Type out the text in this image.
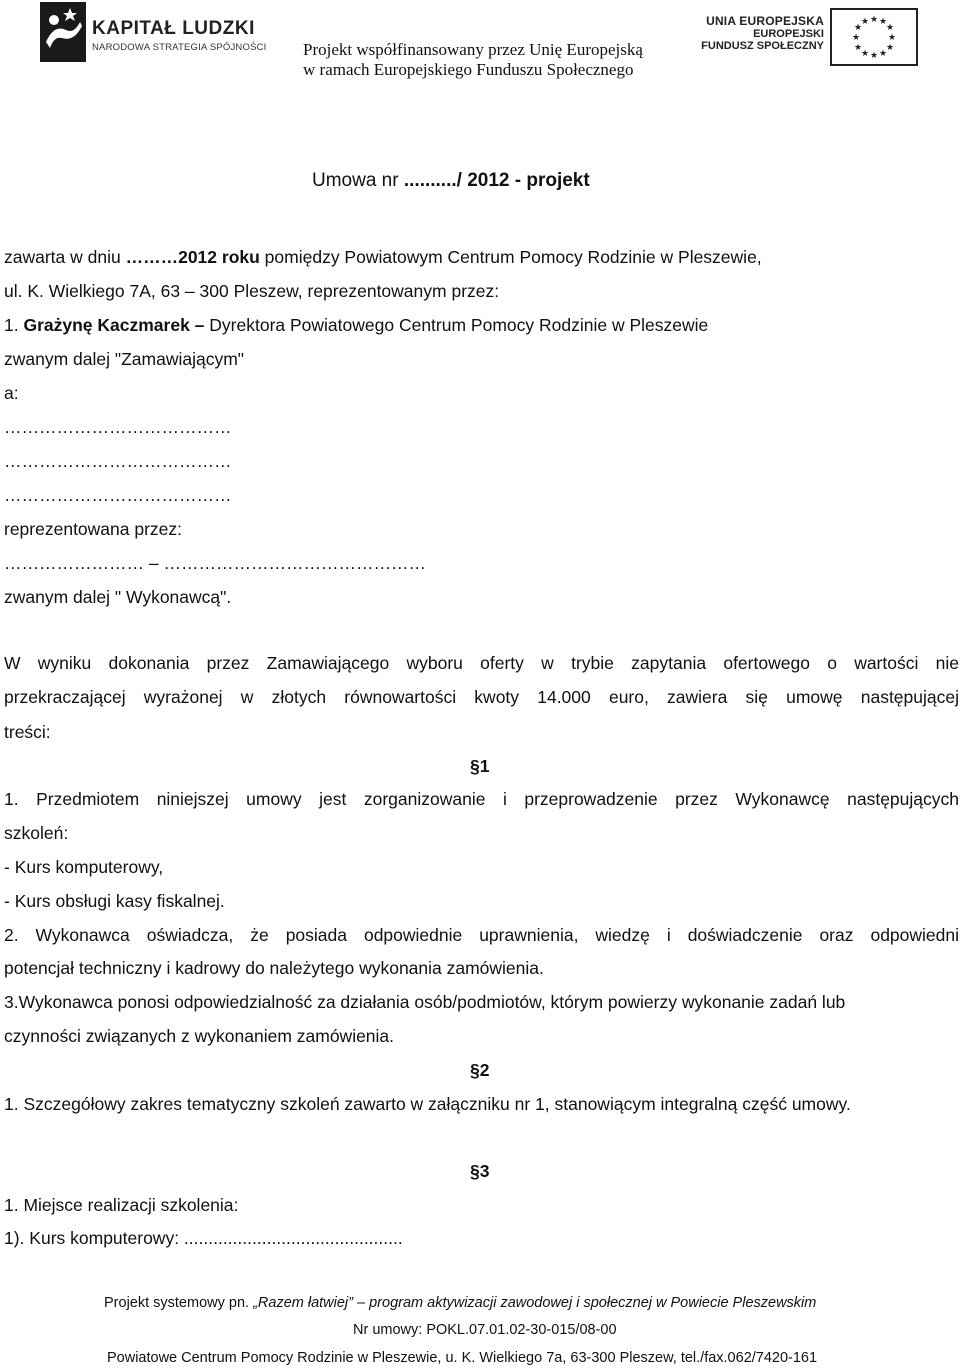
KAPITAŁ LUDZKI
NARODOWA STRATEGIA SPÓJNOŚCI
UNIA EUROPEJSKA
EUROPEJSKI
FUNDUSZ SPOŁECZNY
★ ★
★
★
★
★
★
★
★
★
★
★
Projekt współfinansowany przez Unię Europejską
w ramach Europejskiego Funduszu Społecznego
Umowa nr ........../ 2012 - projekt
zawarta w dniu ………2012 roku pomiędzy Powiatowym Centrum Pomocy Rodzinie w Pleszewie,
ul. K. Wielkiego 7A, 63 – 300 Pleszew, reprezentowanym przez:
1. Grażynę Kaczmarek – Dyrektora Powiatowego Centrum Pomocy Rodzinie w Pleszewie
zwanym dalej "Zamawiającym"
a:
…………………………………
…………………………………
…………………………………
reprezentowana przez:
…………………… – ………………………………………
zwanym dalej " Wykonawcą".
W wyniku dokonania przez Zamawiającego wyboru oferty w trybie zapytania ofertowego o wartości nie
przekraczającej wyrażonej w złotych równowartości kwoty 14.000 euro, zawiera się umowę następującej
treści:
§1
1. Przedmiotem niniejszej umowy jest zorganizowanie i przeprowadzenie przez Wykonawcę następujących
szkoleń:
- Kurs komputerowy,
- Kurs obsługi kasy fiskalnej.
2. Wykonawca oświadcza, że posiada odpowiednie uprawnienia, wiedzę i doświadczenie oraz odpowiedni
potencjał techniczny i kadrowy do należytego wykonania zamówienia.
3.Wykonawca ponosi odpowiedzialność za działania osób/podmiotów, którym powierzy wykonanie zadań lub
czynności związanych z wykonaniem zamówienia.
§2
1. Szczegółowy zakres tematyczny szkoleń zawarto w załączniku nr 1, stanowiącym integralną część umowy.
§3
1. Miejsce realizacji szkolenia:
1). Kurs komputerowy: .............................................
Projekt systemowy pn. „Razem łatwiej” – program aktywizacji zawodowej i społecznej w Powiecie Pleszewskim
Nr umowy: POKL.07.01.02-30-015/08-00
Powiatowe Centrum Pomocy Rodzinie w Pleszewie, u. K. Wielkiego 7a, 63-300 Pleszew, tel./fax.062/7420-161
